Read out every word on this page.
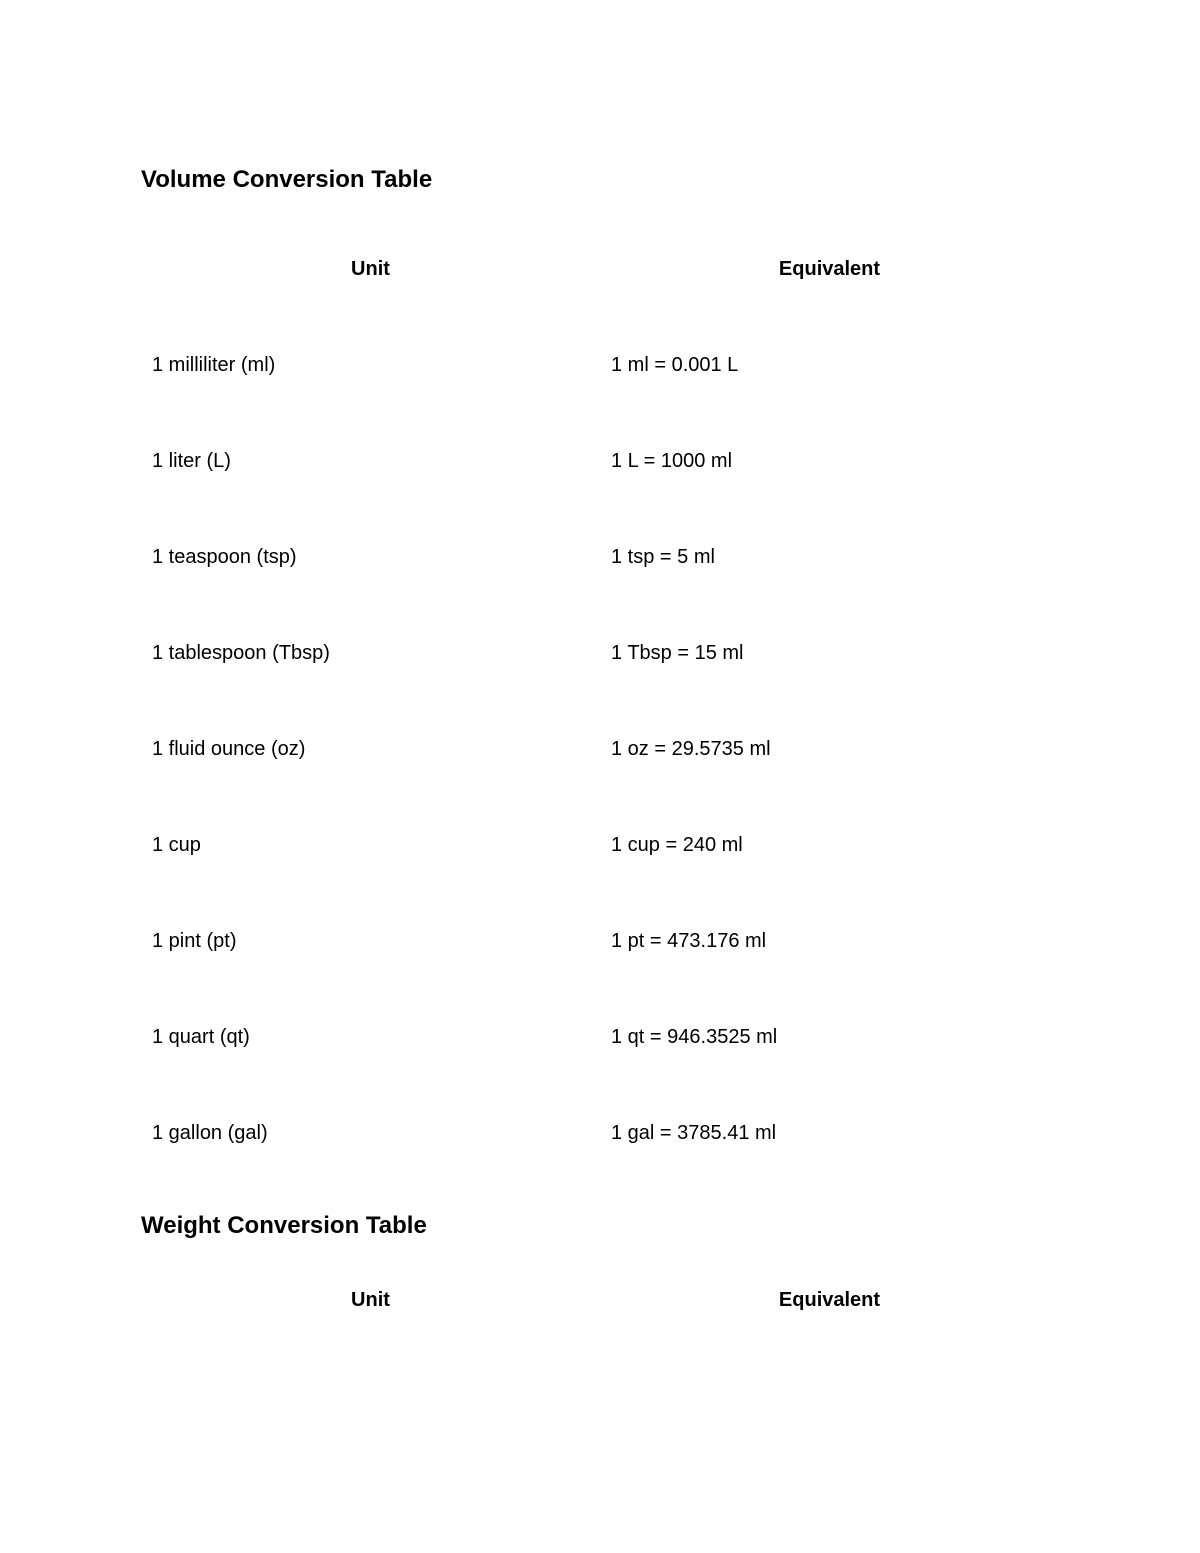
Volume Conversion Table
Unit	Equivalent
1 milliliter (ml)	1 ml = 0.001 L
1 liter (L)	1 L = 1000 ml
1 teaspoon (tsp)	1 tsp = 5 ml
1 tablespoon (Tbsp)	1 Tbsp = 15 ml
1 fluid ounce (oz)	1 oz = 29.5735 ml
1 cup	1 cup = 240 ml
1 pint (pt)	1 pt = 473.176 ml
1 quart (qt)	1 qt = 946.3525 ml
1 gallon (gal)	1 gal = 3785.41 ml
Weight Conversion Table
Unit	Equivalent
